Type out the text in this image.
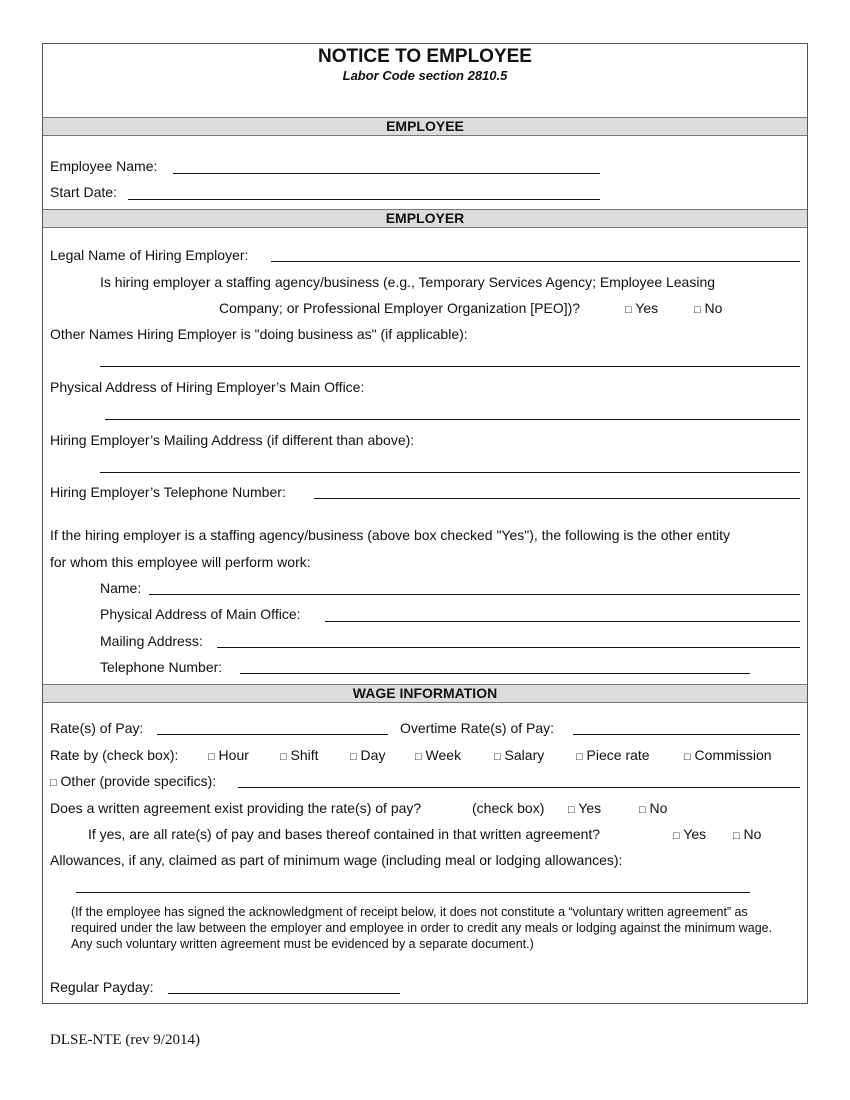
NOTICE TO EMPLOYEE
Labor Code section 2810.5
EMPLOYEE
Employee Name:
Start Date:
EMPLOYER
Legal Name of Hiring Employer:
Is hiring employer a staffing agency/business (e.g., Temporary Services Agency; Employee Leasing
Company; or Professional Employer Organization [PEO])?	□ Yes	□ No
Other Names Hiring Employer is "doing business as" (if applicable):
Physical Address of Hiring Employer’s Main Office:
Hiring Employer’s Mailing Address (if different than above):
Hiring Employer’s Telephone Number:
If the hiring employer is a staffing agency/business (above box checked "Yes"), the following is the other entity
for whom this employee will perform work:
Name:
Physical Address of Main Office:
Mailing Address:
Telephone Number:
WAGE INFORMATION
Rate(s) of Pay:	Overtime Rate(s) of Pay:
Rate by (check box):	□ Hour	□ Shift	□ Day	□ Week	□ Salary	□ Piece rate	□ Commission
□ Other (provide specifics):
Does a written agreement exist providing the rate(s) of pay?	(check box) □ Yes	□ No
If yes, are all rate(s) of pay and bases thereof contained in that written agreement?	□ Yes □ No
Allowances, if any, claimed as part of minimum wage (including meal or lodging allowances):
(If the employee has signed the acknowledgment of receipt below, it does not constitute a “voluntary written agreement” as required under the law between the employer and employee in order to credit any meals or lodging against the minimum wage. Any such voluntary written agreement must be evidenced by a separate document.)
Regular Payday:
DLSE-NTE (rev 9/2014)
